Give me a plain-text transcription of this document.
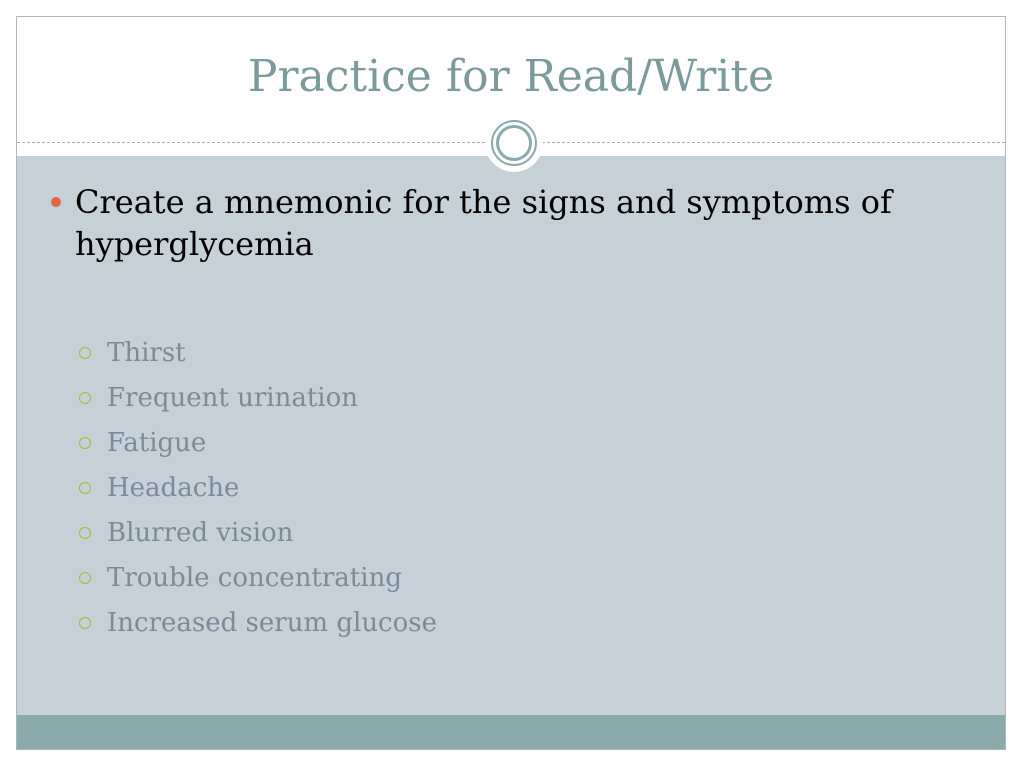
Practice for Read/Write
Create a mnemonic for the signs and symptoms of hyperglycemia
Thirst
Frequent urination
Fatigue
Headache
Blurred vision
Trouble concentrating
Increased serum glucose
